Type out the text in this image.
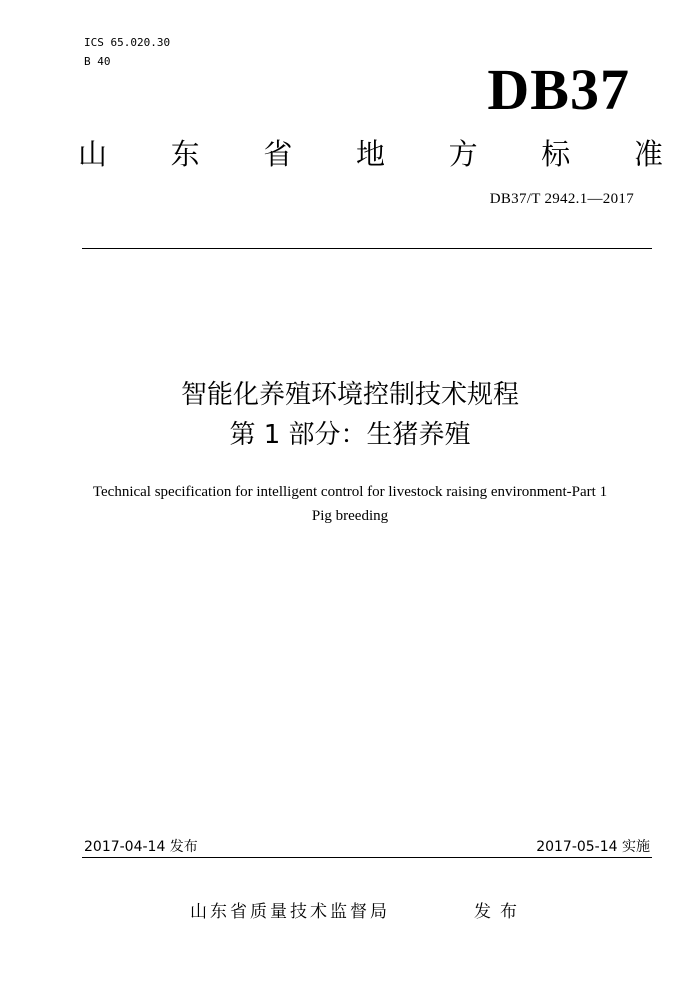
ICS 65.020.30
B 40	DB37
山 东 省 地 方 标 准
DB37/T 2942.1—2017
智能化养殖环境控制技术规程
第 1 部分：生猪养殖
Technical specification for intelligent control for livestock raising environment-Part 1
Pig breeding
2017-04-14 发布	2017-05-14 实施
山东省质量技术监督局	发布
